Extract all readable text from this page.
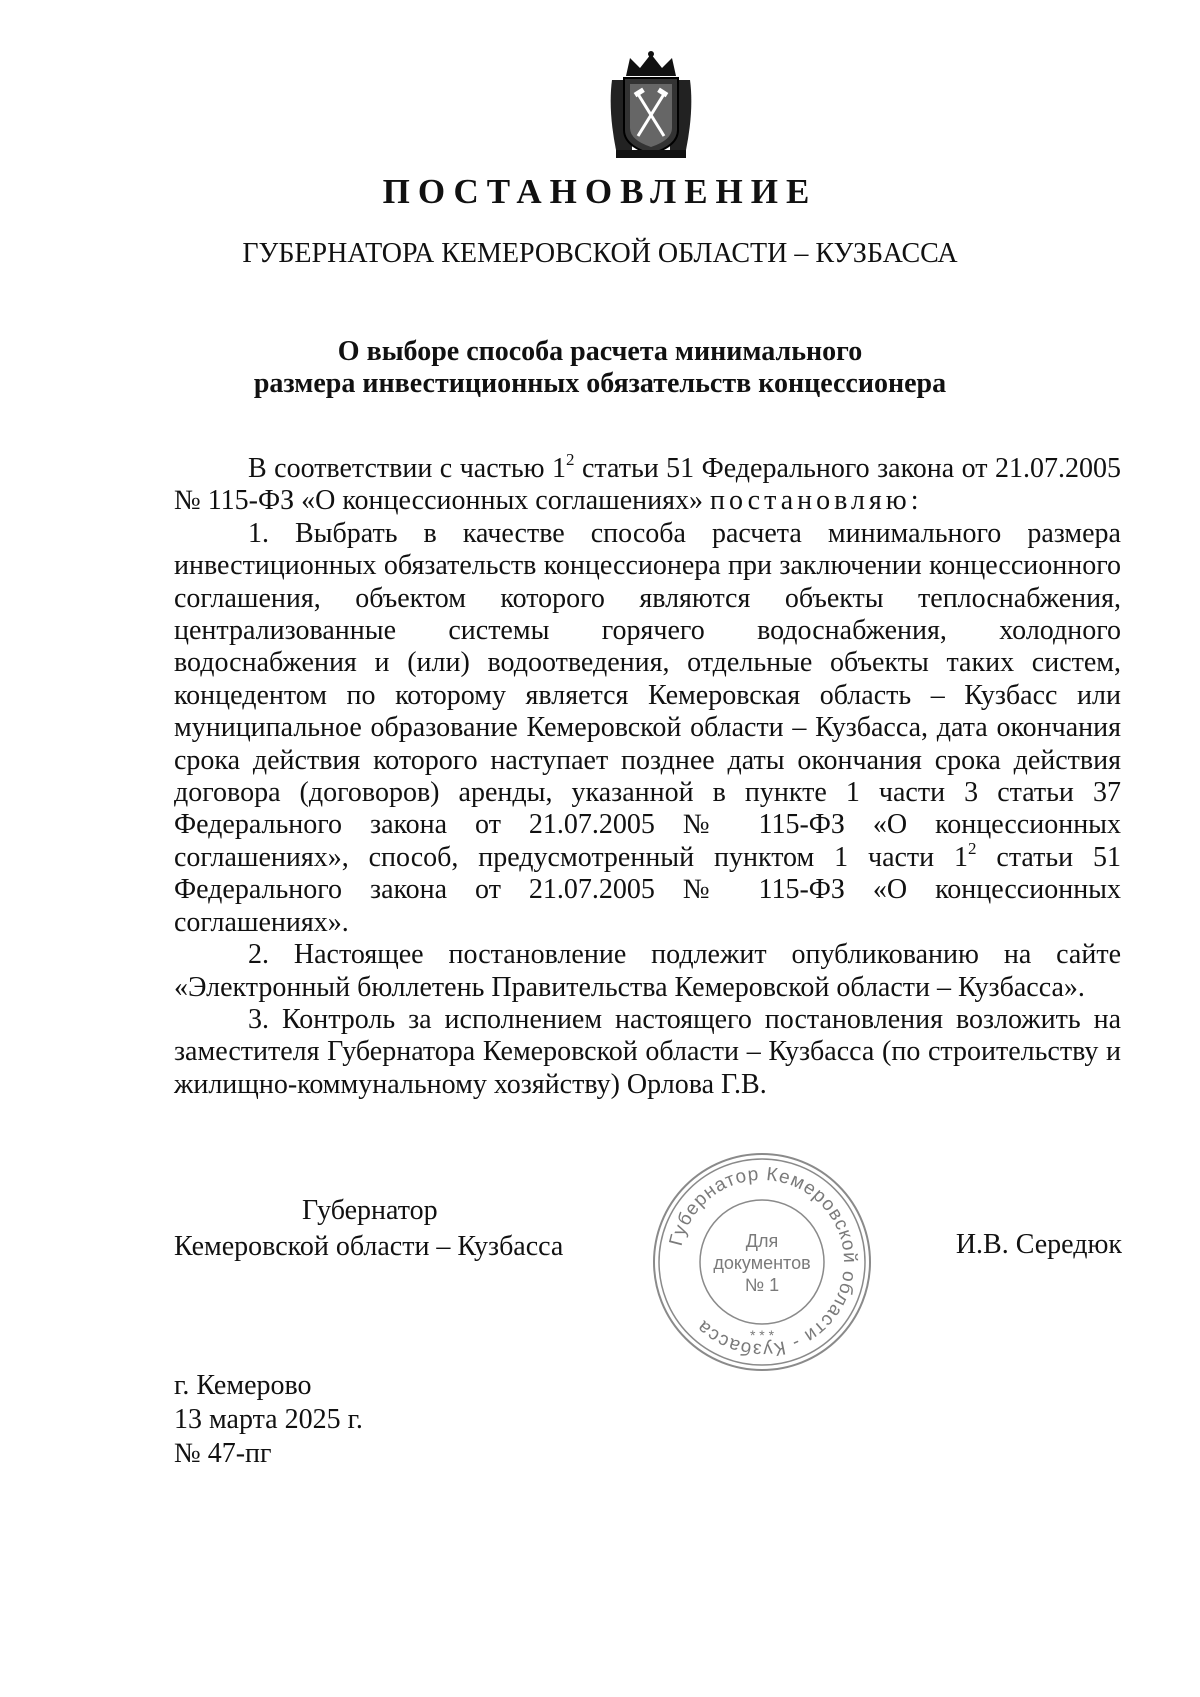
ПОСТАНОВЛЕНИЕ
ГУБЕРНАТОРА КЕМЕРОВСКОЙ ОБЛАСТИ – КУЗБАССА
О выборе способа расчета минимального
размера инвестиционных обязательств концессионера

В соответствии с частью $1^2$ статьи 51 Федерального закона от 21.07.2005 № 115-ФЗ «О концессионных соглашениях» постановляю:

1. Выбрать в качестве способа расчета минимального размера инвестиционных обязательств концессионера при заключении концессионного соглашения, объектом которого являются объекты теплоснабжения, централизованные системы горячего водоснабжения, холодного водоснабжения и (или) водоотведения, отдельные объекты таких систем, концедентом по которому является Кемеровская область – Кузбасс или муниципальное образование Кемеровской области – Кузбасса, дата окончания срока действия которого наступает позднее даты окончания срока действия договора (договоров) аренды, указанной в пункте 1 части 3 статьи 37 Федерального закона от 21.07.2005 № 115-ФЗ «О концессионных соглашениях», способ, предусмотренный пунктом 1 части $1^2$ статьи 51 Федерального закона от 21.07.2005 № 115-ФЗ «О концессионных соглашениях».

2. Настоящее постановление подлежит опубликованию на сайте «Электронный бюллетень Правительства Кемеровской области – Кузбасса».

3. Контроль за исполнением настоящего постановления возложить на заместителя Губернатора Кемеровской области – Кузбасса (по строительству и жилищно-коммунальному хозяйству) Орлова Г.В.

Губернатор
Кемеровской области – Кузбасса	Губернатор Кемеровской области - Кузбасса
Для
документов
№ 1
* * *
И.В. Середюк
г. Кемерово
13 марта 2025 г.
№ 47-пг
